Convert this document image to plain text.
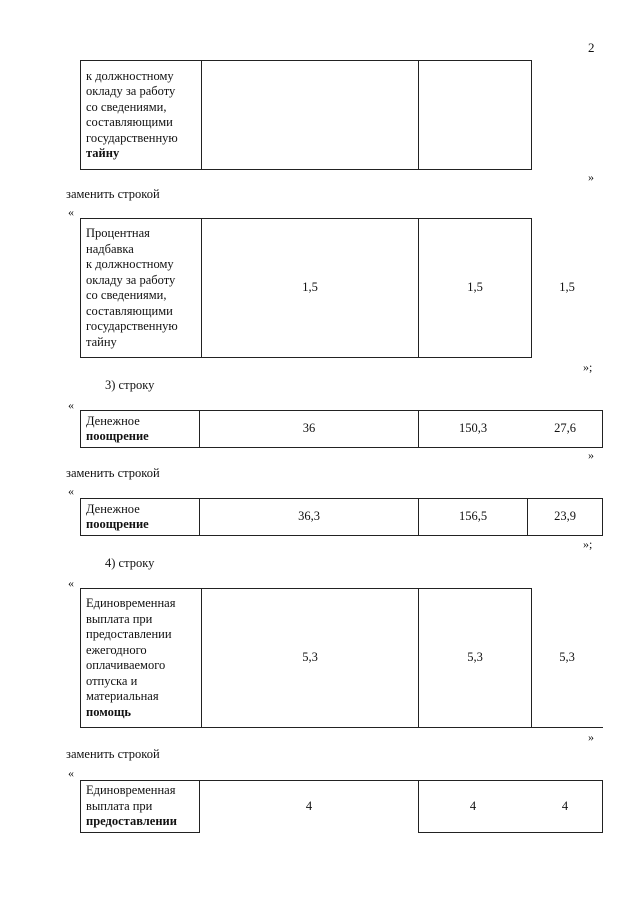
2
к должностному
окладу за работу
со сведениями,
составляющими
государственную
тайну

»
заменить строкой
«
Процентная
надбавка
к должностному
окладу за работу
со сведениями,
составляющими
государственную
тайну
	1,5	1,5	1,5
»;
3) строку
«
Денежное
поощрение
	36	150,3	27,6
»
заменить строкой
«
Денежное
поощрение
	36,3	156,5	23,9
»;
4) строку
«
Единовременная
выплата при
предоставлении
ежегодного
оплачиваемого
отпуска и
материальная
помощь
	5,3	5,3	5,3
»
заменить строкой
«
Единовременная
выплата при
предоставлении
	4	4	4
